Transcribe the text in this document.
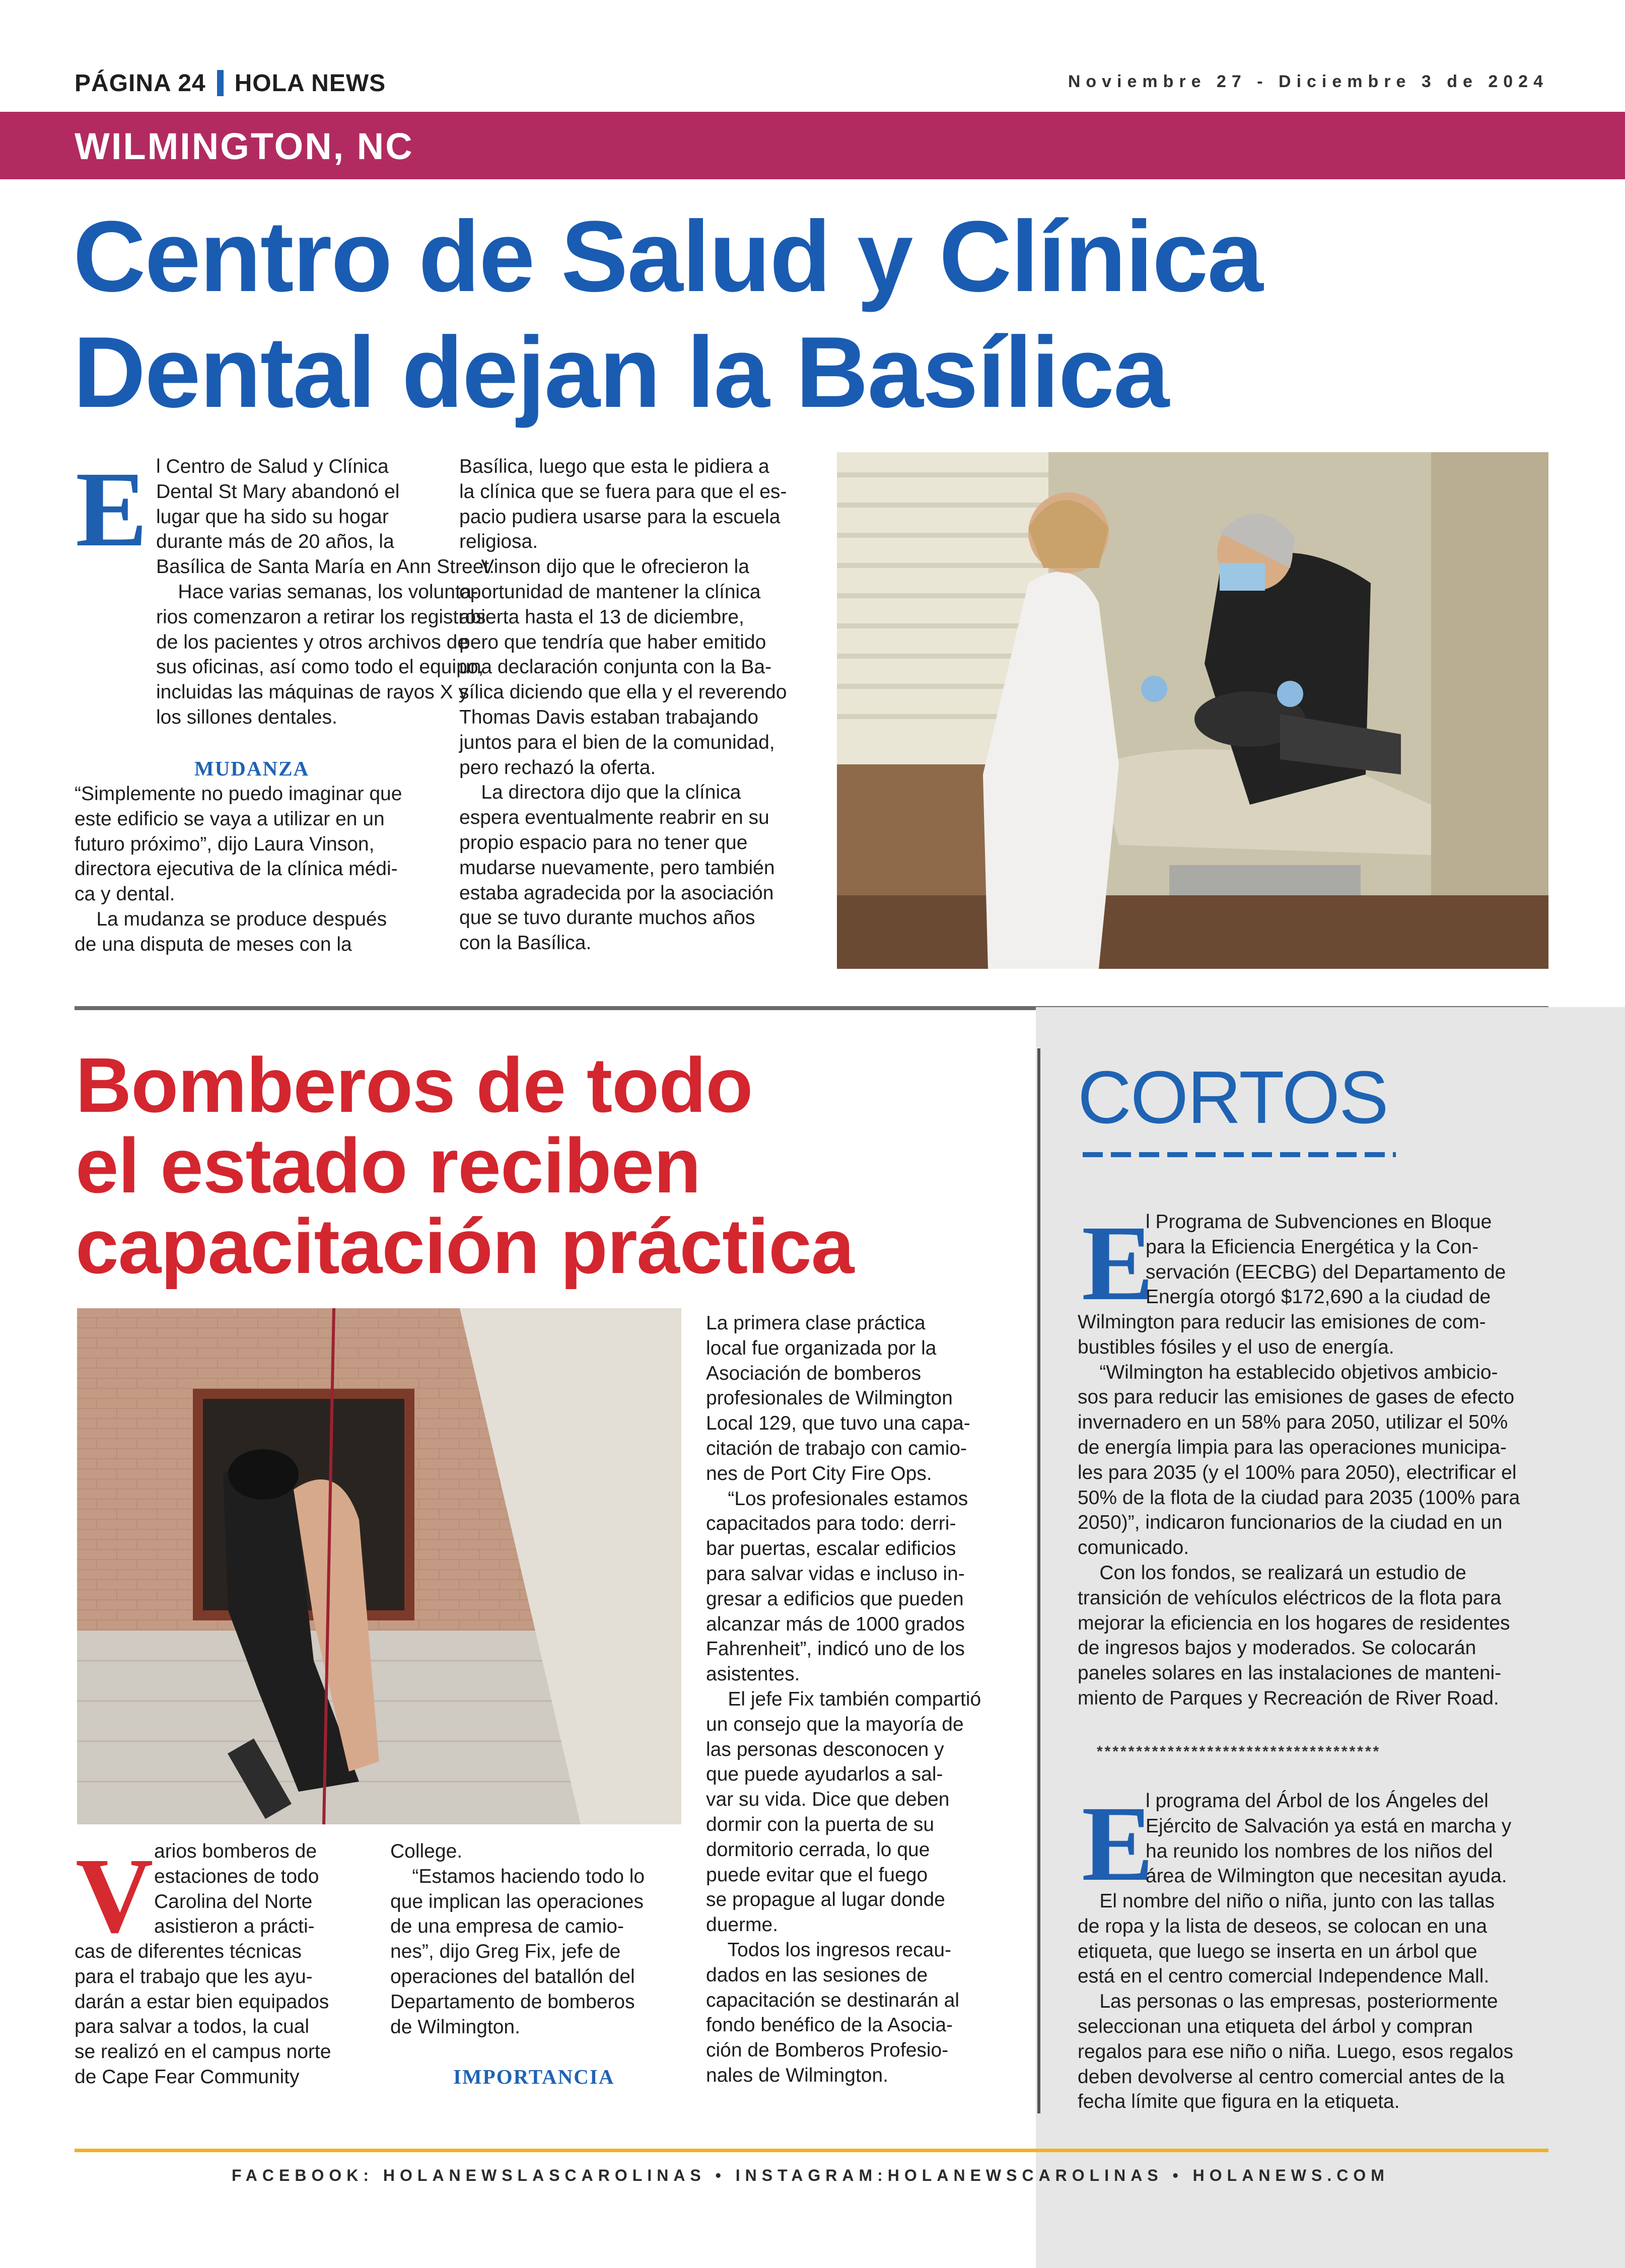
PÁGINA 24 HOLA NEWS	Noviembre 27 - Diciembre 3 de 2024
WILMINGTON, NC
Centro de Salud y Clínica
Dental dejan la Basílica
E l Centro de Salud y Clínica
Dental St Mary abandonó el
lugar que ha sido su hogar
durante más de 20 años, la
Basílica de Santa María en Ann Street.
Hace varias semanas, los volunta-
rios comenzaron a retirar los registros
de los pacientes y otros archivos de
sus oficinas, así como todo el equipo,
incluidas las máquinas de rayos X y
los sillones dentales.
MUDANZA
“Simplemente no puedo imaginar que
este edificio se vaya a utilizar en un
futuro próximo”, dijo Laura Vinson,
directora ejecutiva de la clínica médi-
ca y dental.
La mudanza se produce después
de una disputa de meses con la
Basílica, luego que esta le pidiera a
la clínica que se fuera para que el es-
pacio pudiera usarse para la escuela
religiosa.
Vinson dijo que le ofrecieron la
oportunidad de mantener la clínica
abierta hasta el 13 de diciembre,
pero que tendría que haber emitido
una declaración conjunta con la Ba-
sílica diciendo que ella y el reverendo
Thomas Davis estaban trabajando
juntos para el bien de la comunidad,
pero rechazó la oferta.
La directora dijo que la clínica
espera eventualmente reabrir en su
propio espacio para no tener que
mudarse nuevamente, pero también
estaba agradecida por la asociación
que se tuvo durante muchos años
con la Basílica.
Bomberos de todo
el estado reciben
capacitación práctica
V arios bomberos de
estaciones de todo
Carolina del Norte
asistieron a prácti-
cas de diferentes técnicas
para el trabajo que les ayu-
darán a estar bien equipados
para salvar a todos, la cual
se realizó en el campus norte
de Cape Fear Community
College.
“Estamos haciendo todo lo
que implican las operaciones
de una empresa de camio-
nes”, dijo Greg Fix, jefe de
operaciones del batallón del
Departamento de bomberos
de Wilmington.
IMPORTANCIA
La primera clase práctica
local fue organizada por la
Asociación de bomberos
profesionales de Wilmington
Local 129, que tuvo una capa-
citación de trabajo con camio-
nes de Port City Fire Ops.
“Los profesionales estamos
capacitados para todo: derri-
bar puertas, escalar edificios
para salvar vidas e incluso in-
gresar a edificios que pueden
alcanzar más de 1000 grados
Fahrenheit”, indicó uno de los
asistentes.
El jefe Fix también compartió
un consejo que la mayoría de
las personas desconocen y
que puede ayudarlos a sal-
var su vida. Dice que deben
dormir con la puerta de su
dormitorio cerrada, lo que
puede evitar que el fuego
se propague al lugar donde
duerme.
Todos los ingresos recau-
dados en las sesiones de
capacitación se destinarán al
fondo benéfico de la Asocia-
ción de Bomberos Profesio-
nales de Wilmington.
CORTOS
E
l Programa de Subvenciones en Bloque
para la Eficiencia Energética y la Con-
servación (EECBG) del Departamento de
Energía otorgó $172,690 a la ciudad de
Wilmington para reducir las emisiones de com-
bustibles fósiles y el uso de energía.
“Wilmington ha establecido objetivos ambicio-
sos para reducir las emisiones de gases de efecto
invernadero en un 58% para 2050, utilizar el 50%
de energía limpia para las operaciones municipa-
les para 2035 (y el 100% para 2050), electrificar el
50% de la flota de la ciudad para 2035 (100% para
2050)”, indicaron funcionarios de la ciudad en un
comunicado.
Con los fondos, se realizará un estudio de
transición de vehículos eléctricos de la flota para
mejorar la eficiencia en los hogares de residentes
de ingresos bajos y moderados. Se colocarán
paneles solares en las instalaciones de manteni-
miento de Parques y Recreación de River Road.
************************************
E
l programa del Árbol de los Ángeles del
Ejército de Salvación ya está en marcha y
ha reunido los nombres de los niños del
área de Wilmington que necesitan ayuda.
El nombre del niño o niña, junto con las tallas
de ropa y la lista de deseos, se colocan en una
etiqueta, que luego se inserta en un árbol que
está en el centro comercial Independence Mall.
Las personas o las empresas, posteriormente
seleccionan una etiqueta del árbol y compran
regalos para ese niño o niña. Luego, esos regalos
deben devolverse al centro comercial antes de la
fecha límite que figura en la etiqueta.
FACEBOOK: HOLANEWSLASCAROLINAS • INSTAGRAM:HOLANEWSCAROLINAS • HOLANEWS.COM
